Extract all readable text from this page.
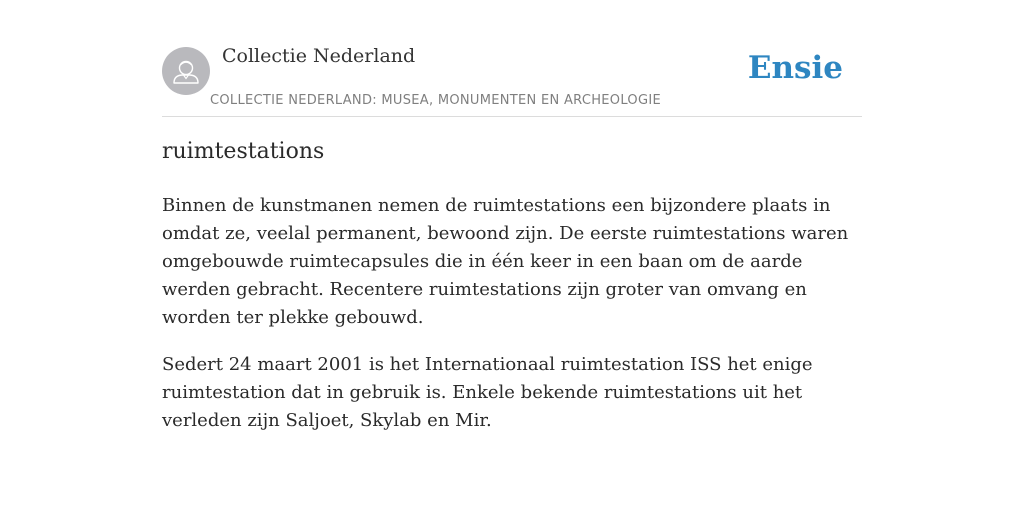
Collectie Nederland
COLLECTIE NEDERLAND: MUSEA, MONUMENTEN EN ARCHEOLOGIE
Ensie
ruimtestations

Binnen de kunstmanen nemen de ruimtestations een bijzondere plaats in omdat ze, veelal permanent, bewoond zijn. De eerste ruimtestations waren omgebouwde ruimtecapsules die in één keer in een baan om de aarde werden gebracht. Recentere ruimtestations zijn groter van omvang en worden ter plekke gebouwd.

Sedert 24 maart 2001 is het Internationaal ruimtestation ISS het enige ruimtestation dat in gebruik is. Enkele bekende ruimtestations uit het verleden zijn Saljoet, Skylab en Mir.
